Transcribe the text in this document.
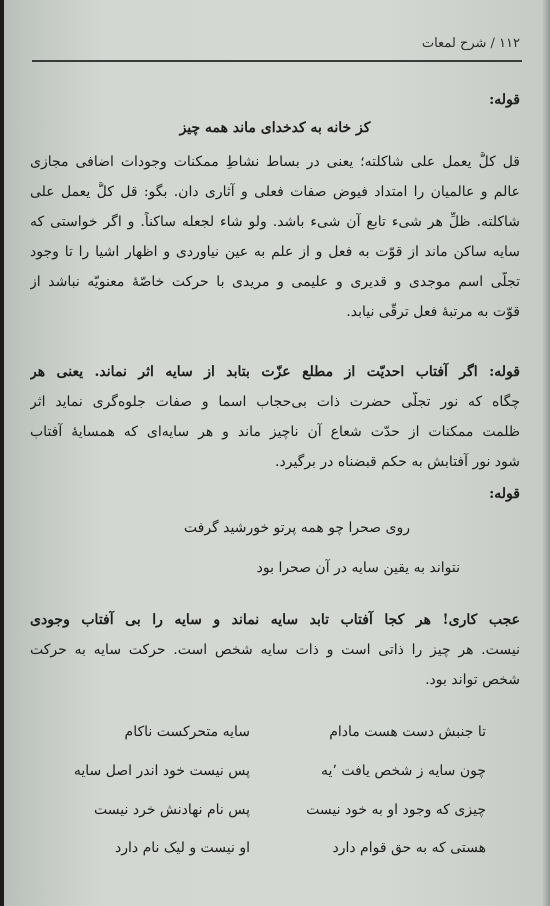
۱۱۲ / شرح لمعات
قوله:
کز خانه به کدخدای ماند همه چیز
قل کلٌّ یعمل علی شاکلته؛ یعنی در بساط نشاطِ ممکنات وجودات اضافی مجازی
عالم و عالمیان را امتداد فیوض صفات فعلی و آثاری دان. بگو: قل کلٌّ یعمل علی
شاکلته. ظلِّ هر شیء تابع آن شیء باشد. ولو شاء لجعله ساکناً. و اگر خواستی که
سایه ساکن ماند از قوّت به فعل و از علم به عین نیاوردی و اظهار اشیا را تا وجود
تجلّی اسم موجدی و قدیری و علیمی و مریدی با حرکت خاصّهٔ معنویّه نباشد از
قوّت به مرتبهٔ فعل ترقّی نیابد.
قوله: اگر آفتاب احدیّت از مطلع عزّت بتابد از سایه اثر نماند. یعنی هر
چگاه که نور تجلّی حضرت ذات بی‌حجاب اسما و صفات جلوه‌گری نماید اثر
ظلمت ممکنات از حدّت شعاع آن ناچیز ماند و هر سایه‌ای که همسایهٔ آفتاب
شود نور آفتابش به حکم قبضناه در برگیرد.
قوله:
روی صحرا چو همه پرتو خورشید گرفت
نتواند به یقین سایه در آن صحرا بود
عجب کاری! هر کجا آفتاب تابد سایه نماند و سایه را بی آفتاب وجودی
نیست. هر چیز را ذاتی است و ذات سایه شخص است. حرکت سایه به حرکت
شخص تواند بود.
تا جنبش دست هست مادام
سایه متحرکست ناکام
چون سایه ز شخص یافت ٬یه
پس نیست خود اندر اصل سایه
چیزی که وجود او به خود نیست
پس نام نهادنش خرد نیست
هستی که به حق قوام دارد
او نیست و لیک نام دارد
